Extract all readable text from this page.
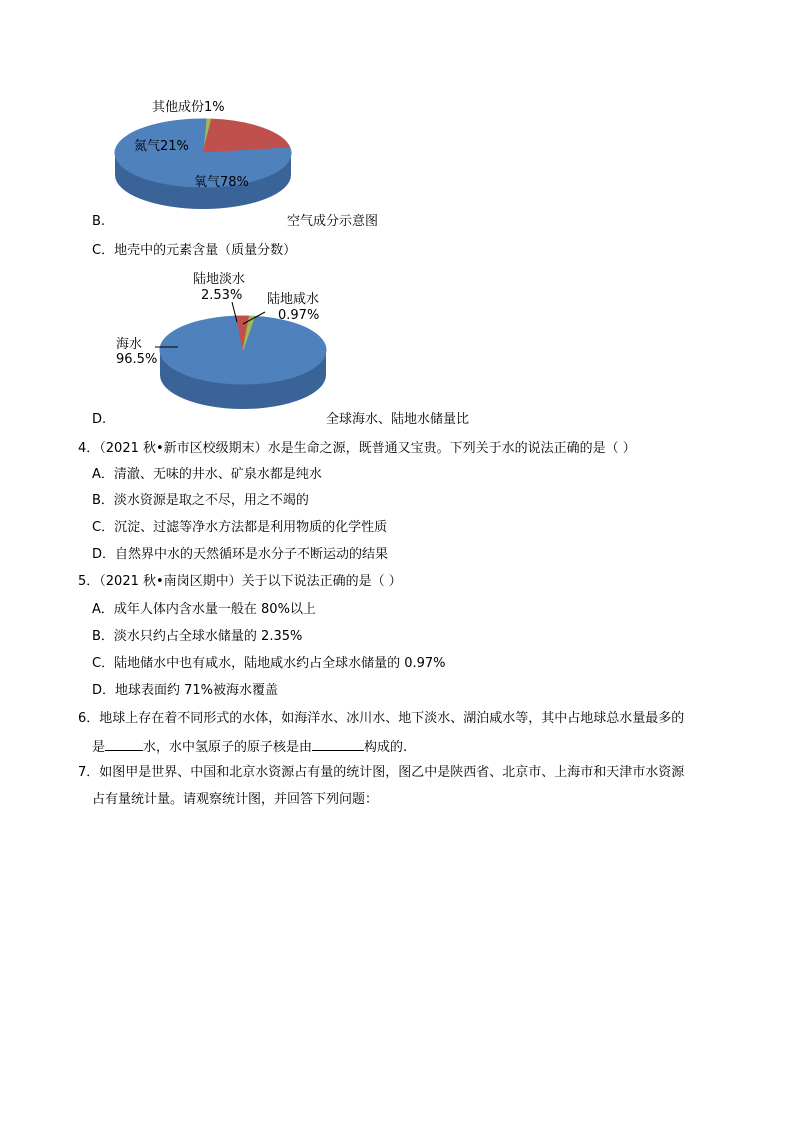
其他成份1%
氮气21%
氧气78%
B.	空气成分示意图
C．地壳中的元素含量（质量分数）
陆地淡水
2.53% 陆地咸水
0.97%
海水
96.5%
D.	全球海水、陆地水储量比
4．（2021 秋•新市区校级期末）水是生命之源，既普通又宝贵。下列关于水的说法正确的是（ ）
A．清澈、无味的井水、矿泉水都是纯水
B．淡水资源是取之不尽，用之不竭的
C．沉淀、过滤等净水方法都是利用物质的化学性质
D．自然界中水的天然循环是水分子不断运动的结果
5．（2021 秋•南岗区期中）关于以下说法正确的是（ ）
A．成年人体内含水量一般在 80%以上
B．淡水只约占全球水储量的 2.35%
C．陆地储水中也有咸水，陆地咸水约占全球水储量的 0.97%
D．地球表面约 71%被海水覆盖
6．地球上存在着不同形式的水体，如海洋水、冰川水、地下淡水、湖泊咸水等，其中占地球总水量最多的
是	水，水中氢原子的原子核是由	构成的.
7．如图甲是世界、中国和北京水资源占有量的统计图，图乙中是陕西省、北京市、上海市和天津市水资源
占有量统计量。请观察统计图，并回答下列问题：
